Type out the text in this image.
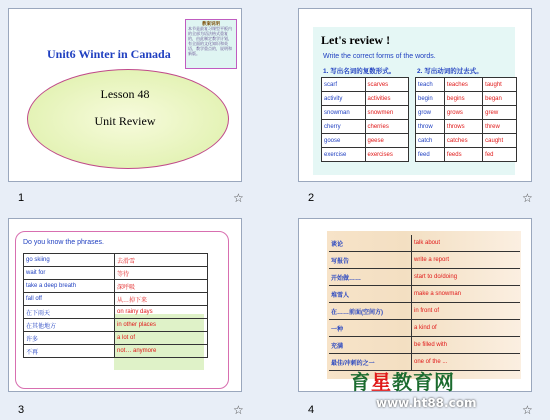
Unit6 Winter in Canada
教案说明
本节是最复习课型平板内的全部为语法格式重复的，由此制定教学计划，有全面的文化知识和英语，教学重点的，说明和新版。
Lesson 48
Unit Review
1	☆
Let's review !
Write the correct forms of the words.
1. 写出名词的复数形式。	2. 写出动词的过去式。
scarf	scarves
activity	activities
snowman	snowmen
cherry	cherries
goose	geese
exercise	exercises
teach	teaches	taught
begin	begins	began
grow	grows	grew
throw	throws	threw
catch	catches	caught
feed	feeds	fed
2	☆
Do you know the phrases.
go skiing	去滑雪
wait for	等待
take a deep breath	深呼吸
fall off	从…掉下来
在下雨天	on rainy days
在其他地方	in other places
许多	a lot of
不再	not… anymore
3	☆
谈论	talk about
写报告	write a report
开始做……	start to do/doing
堆雪人	make a snowman
在……前面(空间方)	in front of
一种	a kind of
充满	be filled with
最佳/冲刺的之一	one of the ...
4	☆
育星教育网
www.ht88.com
